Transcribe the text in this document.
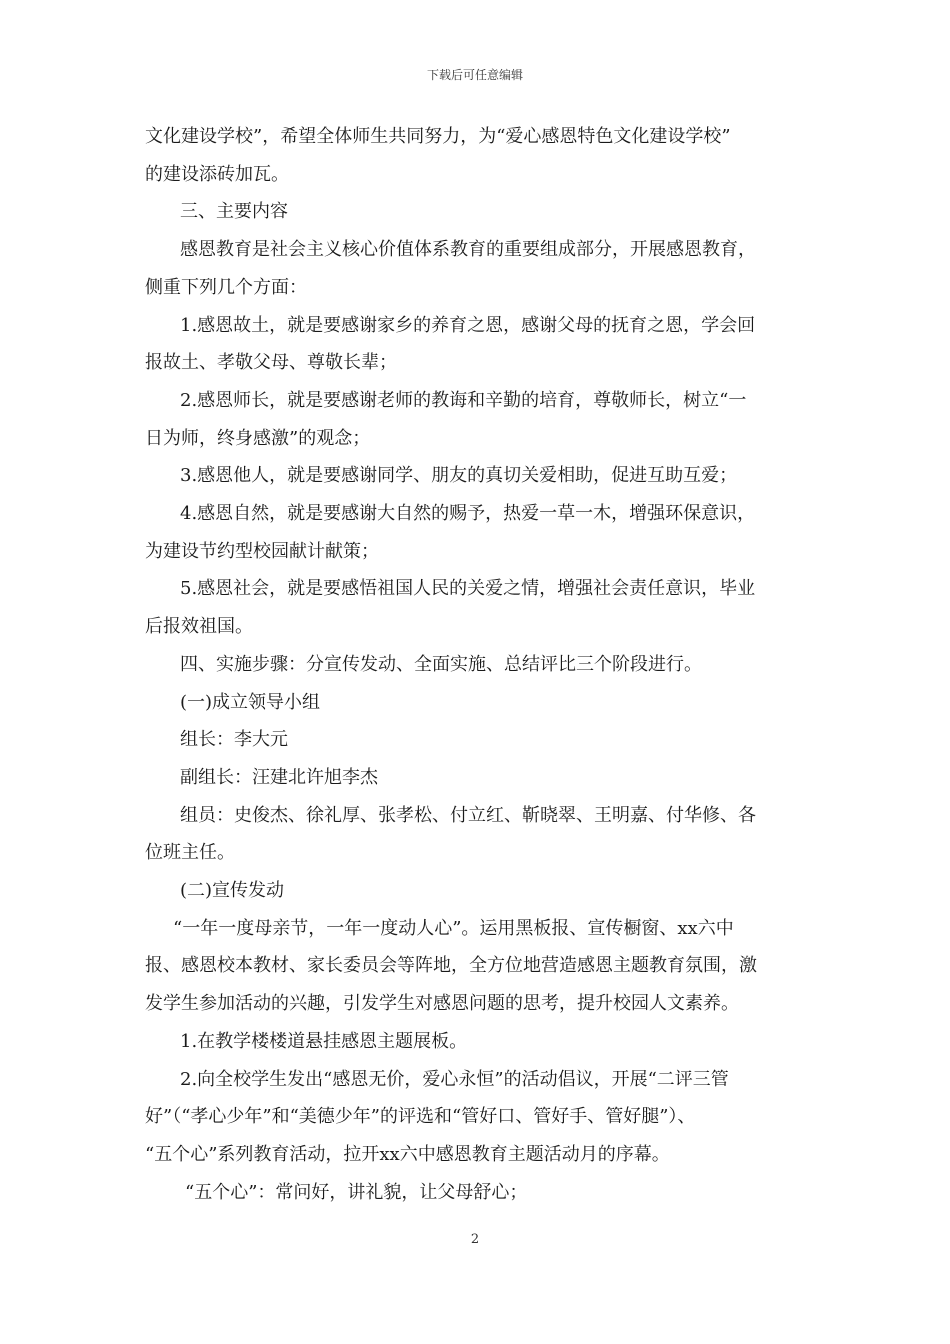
下载后可任意编辑

文化建设学校”，希望全体师生共同努力，为“爱心感恩特色文化建设学校”

的建设添砖加瓦。

三、主要内容

感恩教育是社会主义核心价值体系教育的重要组成部分，开展感恩教育，

侧重下列几个方面：

1.感恩故土，就是要感谢家乡的养育之恩，感谢父母的抚育之恩，学会回

报故土、孝敬父母、尊敬长辈；

2.感恩师长，就是要感谢老师的教诲和辛勤的培育，尊敬师长，树立“一

日为师，终身感激”的观念；

3.感恩他人，就是要感谢同学、朋友的真切关爱相助，促进互助互爱；

4.感恩自然，就是要感谢大自然的赐予，热爱一草一木，增强环保意识，

为建设节约型校园献计献策；

5.感恩社会，就是要感悟祖国人民的关爱之情，增强社会责任意识，毕业

后报效祖国。

四、实施步骤：分宣传发动、全面实施、总结评比三个阶段进行。

(一)成立领导小组

组长：李大元

副组长：汪建北许旭李杰

组员：史俊杰、徐礼厚、张孝松、付立红、靳晓翠、王明嘉、付华修、各

位班主任。

(二)宣传发动

“一年一度母亲节，一年一度动人心”。运用黑板报、宣传橱窗、xx六中

报、感恩校本教材、家长委员会等阵地，全方位地营造感恩主题教育氛围，激

发学生参加活动的兴趣，引发学生对感恩问题的思考，提升校园人文素养。

1.在教学楼楼道悬挂感恩主题展板。

2.向全校学生发出“感恩无价，爱心永恒”的活动倡议，开展“二评三管

好”（“孝心少年”和“美德少年”的评选和“管好口、管好手、管好腿”）、

“五个心”系列教育活动，拉开xx六中感恩教育主题活动月的序幕。

“五个心”：常问好，讲礼貌，让父母舒心；

2
